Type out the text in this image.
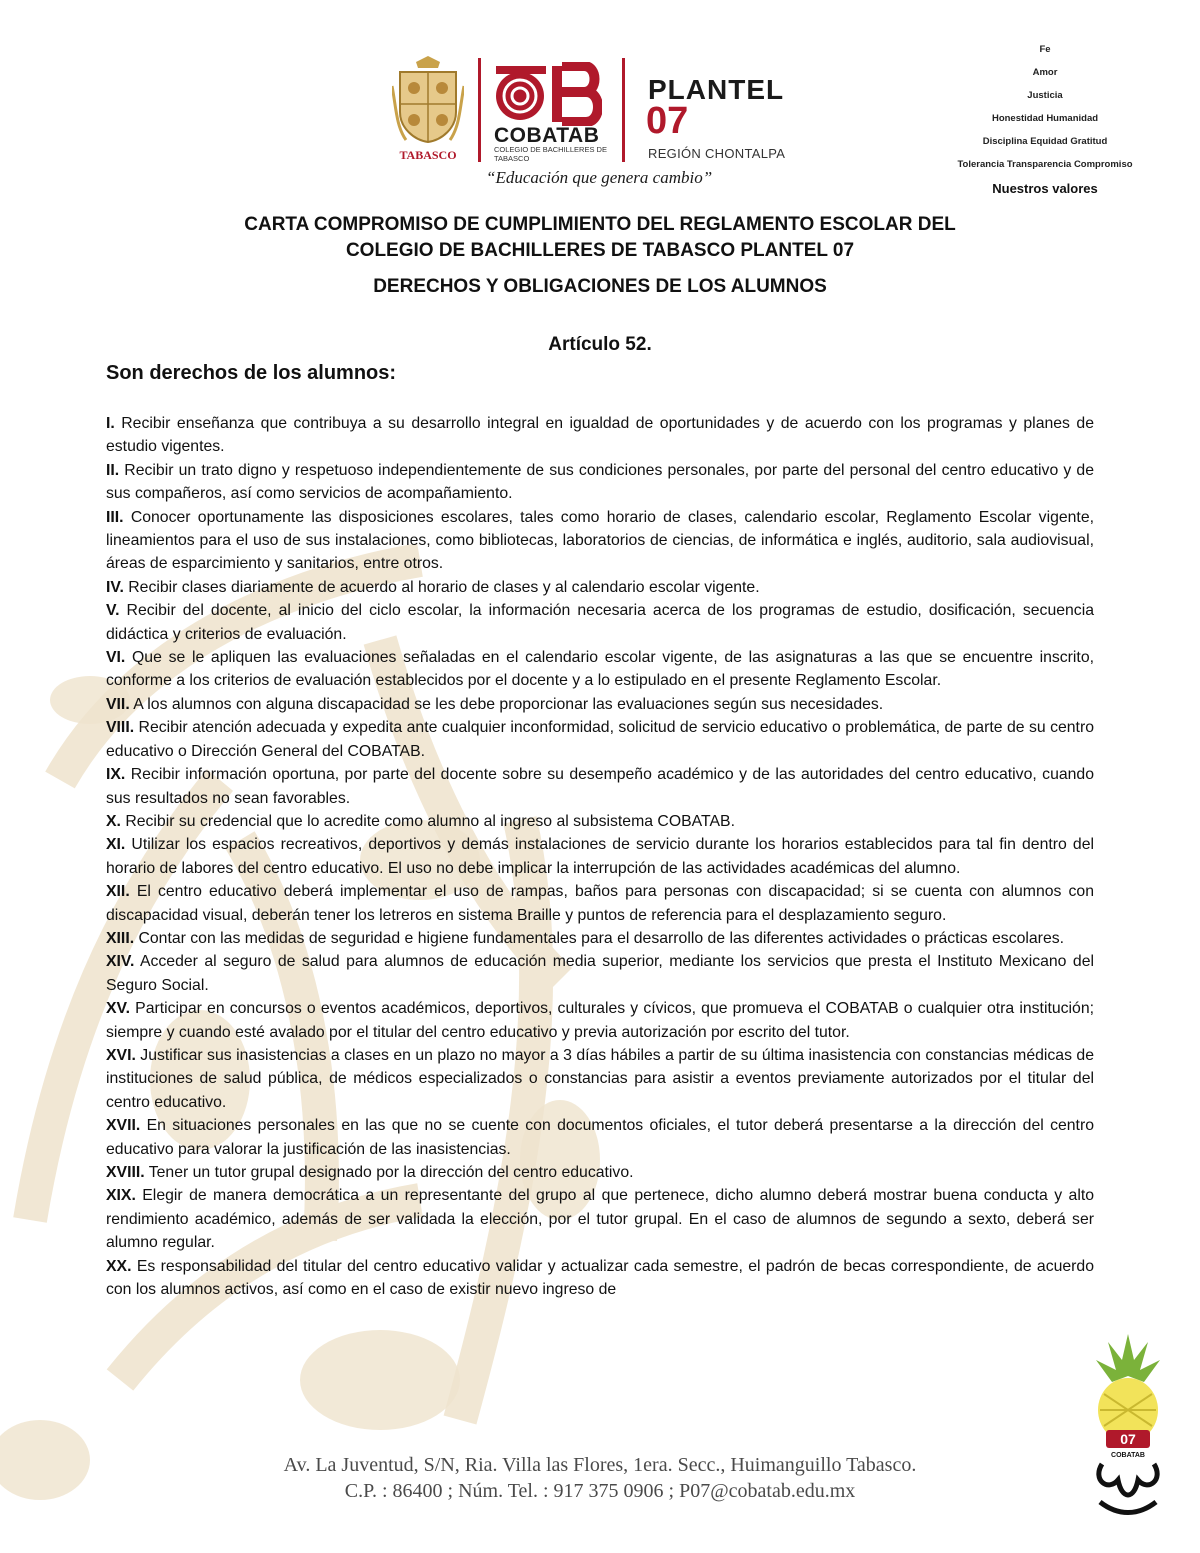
TABASCO
COBATAB
COLEGIO DE BACHILLERES DE TABASCO
PLANTEL
07
REGIÓN CHONTALPA
“Educación que genera cambio”
Fe
Amor
Justicia
Honestidad Humanidad
Disciplina Equidad Gratitud
Tolerancia Transparencia Compromiso
Nuestros valores
CARTA COMPROMISO DE CUMPLIMIENTO DEL REGLAMENTO ESCOLAR DEL
COLEGIO DE BACHILLERES DE TABASCO PLANTEL 07
DERECHOS Y OBLIGACIONES DE LOS ALUMNOS
Artículo 52.
Son derechos de los alumnos:

I. Recibir enseñanza que contribuya a su desarrollo integral en igualdad de oportunidades y de acuerdo con los programas y planes de estudio vigentes.

II. Recibir un trato digno y respetuoso independientemente de sus condiciones personales, por parte del personal del centro educativo y de sus compañeros, así como servicios de acompañamiento.

III. Conocer oportunamente las disposiciones escolares, tales como horario de clases, calendario escolar, Reglamento Escolar vigente, lineamientos para el uso de sus instalaciones, como bibliotecas, laboratorios de ciencias, de informática e inglés, auditorio, sala audiovisual, áreas de esparcimiento y sanitarios, entre otros.

IV. Recibir clases diariamente de acuerdo al horario de clases y al calendario escolar vigente.

V. Recibir del docente, al inicio del ciclo escolar, la información necesaria acerca de los programas de estudio, dosificación, secuencia didáctica y criterios de evaluación.

VI. Que se le apliquen las evaluaciones señaladas en el calendario escolar vigente, de las asignaturas a las que se encuentre inscrito, conforme a los criterios de evaluación establecidos por el docente y a lo estipulado en el presente Reglamento Escolar.

VII. A los alumnos con alguna discapacidad se les debe proporcionar las evaluaciones según sus necesidades.

VIII. Recibir atención adecuada y expedita ante cualquier inconformidad, solicitud de servicio educativo o problemática, de parte de su centro educativo o Dirección General del COBATAB.

IX. Recibir información oportuna, por parte del docente sobre su desempeño académico y de las autoridades del centro educativo, cuando sus resultados no sean favorables.

X. Recibir su credencial que lo acredite como alumno al ingreso al subsistema COBATAB.

XI. Utilizar los espacios recreativos, deportivos y demás instalaciones de servicio durante los horarios establecidos para tal fin dentro del horario de labores del centro educativo. El uso no debe implicar la interrupción de las actividades académicas del alumno.

XII. El centro educativo deberá implementar el uso de rampas, baños para personas con discapacidad; si se cuenta con alumnos con discapacidad visual, deberán tener los letreros en sistema Braille y puntos de referencia para el desplazamiento seguro.

XIII. Contar con las medidas de seguridad e higiene fundamentales para el desarrollo de las diferentes actividades o prácticas escolares.

XIV. Acceder al seguro de salud para alumnos de educación media superior, mediante los servicios que presta el Instituto Mexicano del Seguro Social.

XV. Participar en concursos o eventos académicos, deportivos, culturales y cívicos, que promueva el COBATAB o cualquier otra institución; siempre y cuando esté avalado por el titular del centro educativo y previa autorización por escrito del tutor.

XVI. Justificar sus inasistencias a clases en un plazo no mayor a 3 días hábiles a partir de su última inasistencia con constancias médicas de instituciones de salud pública, de médicos especializados o constancias para asistir a eventos previamente autorizados por el titular del centro educativo.

XVII. En situaciones personales en las que no se cuente con documentos oficiales, el tutor deberá presentarse a la dirección del centro educativo para valorar la justificación de las inasistencias.

XVIII. Tener un tutor grupal designado por la dirección del centro educativo.

XIX. Elegir de manera democrática a un representante del grupo al que pertenece, dicho alumno deberá mostrar buena conducta y alto rendimiento académico, además de ser validada la elección, por el tutor grupal. En el caso de alumnos de segundo a sexto, deberá ser alumno regular.

XX. Es responsabilidad del titular del centro educativo validar y actualizar cada semestre, el padrón de becas correspondiente, de acuerdo con los alumnos activos, así como en el caso de existir nuevo ingreso de

Av. La Juventud, S/N, Ria. Villa las Flores, 1era. Secc., Huimanguillo Tabasco.
C.P. : 86400 ; Núm. Tel. : 917 375 0906 ; P07@cobatab.edu.mx
07
COBATAB
